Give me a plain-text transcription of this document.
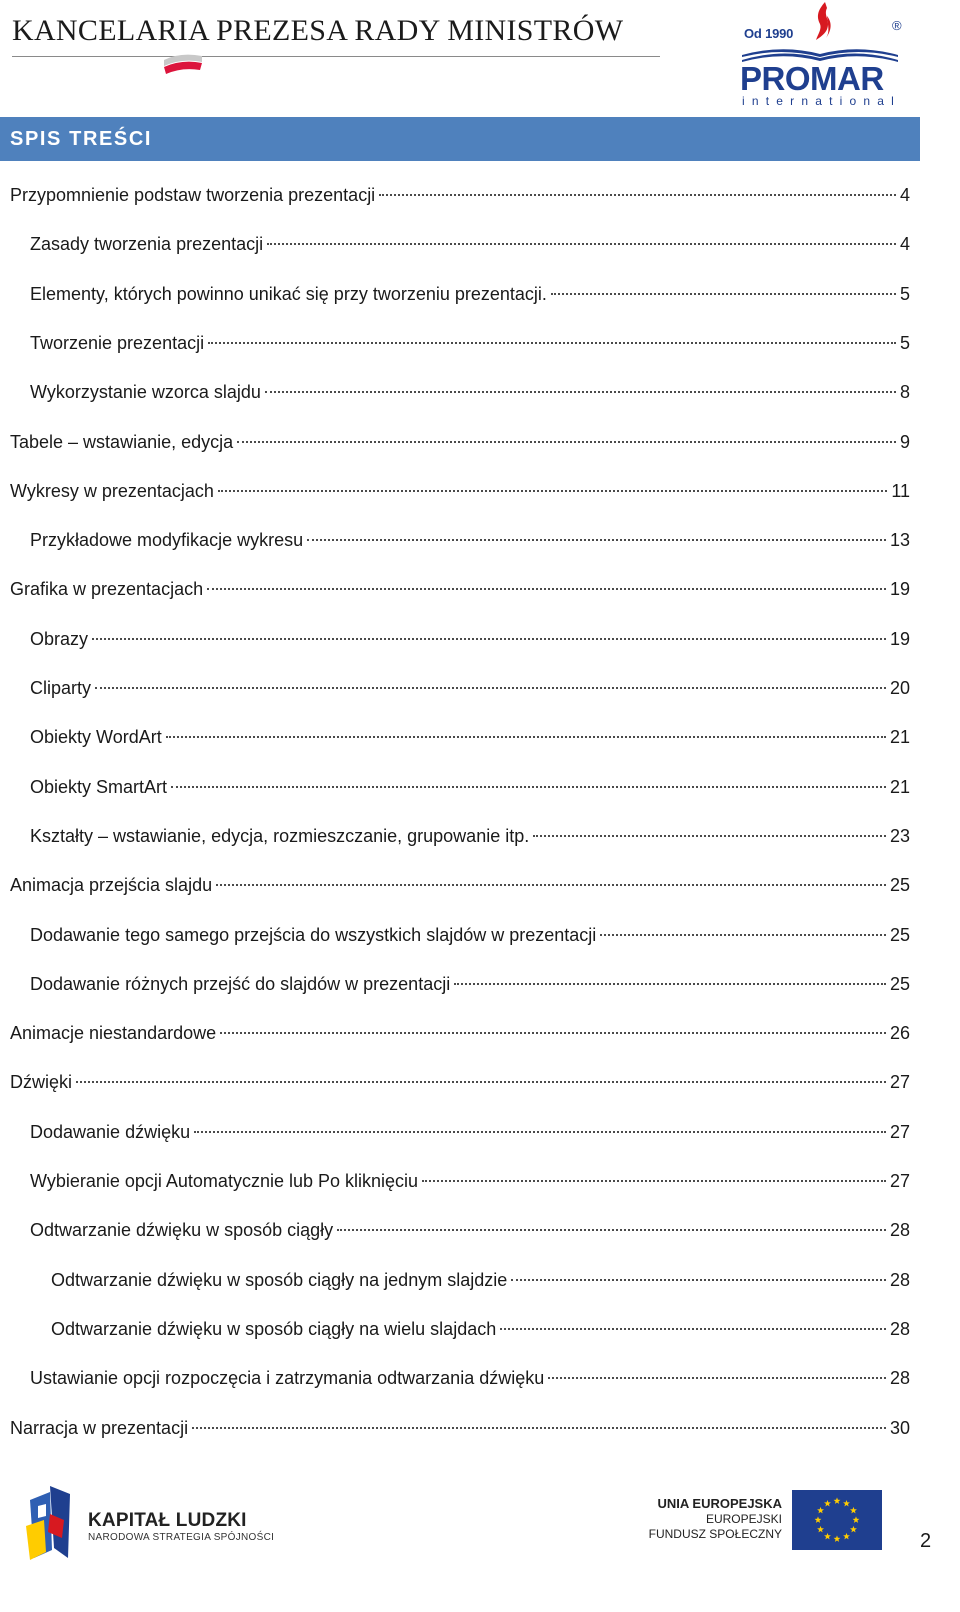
KANCELARIA PREZESA RADY MINISTRÓW	Od 1990
®
PROMAR
international
SPIS TREŚCI
Przypomnienie podstaw tworzenia prezentacji	4
Zasady tworzenia prezentacji	4
Elementy, których powinno unikać się przy tworzeniu prezentacji.	5
Tworzenie prezentacji	5
Wykorzystanie wzorca slajdu	8
Tabele – wstawianie, edycja	9
Wykresy w prezentacjach	11
Przykładowe modyfikacje wykresu	13
Grafika w prezentacjach	19
Obrazy	19
Cliparty	20
Obiekty WordArt	21
Obiekty SmartArt	21
Kształty – wstawianie, edycja, rozmieszczanie, grupowanie itp.	23
Animacja przejścia slajdu	25
Dodawanie tego samego przejścia do wszystkich slajdów w prezentacji	25
Dodawanie różnych przejść do slajdów w prezentacji	25
Animacje niestandardowe	26
Dźwięki	27
Dodawanie dźwięku	27
Wybieranie opcji Automatycznie lub Po kliknięciu	27
Odtwarzanie dźwięku w sposób ciągły	28
Odtwarzanie dźwięku w sposób ciągły na jednym slajdzie	28
Odtwarzanie dźwięku w sposób ciągły na wielu slajdach	28
Ustawianie opcji rozpoczęcia i zatrzymania odtwarzania dźwięku	28
Narracja w prezentacji	30
KAPITAŁ LUDZKI
NARODOWA STRATEGIA SPÓJNOŚCI
UNIA EUROPEJSKA
EUROPEJSKI
FUNDUSZ SPOŁECZNY	2
